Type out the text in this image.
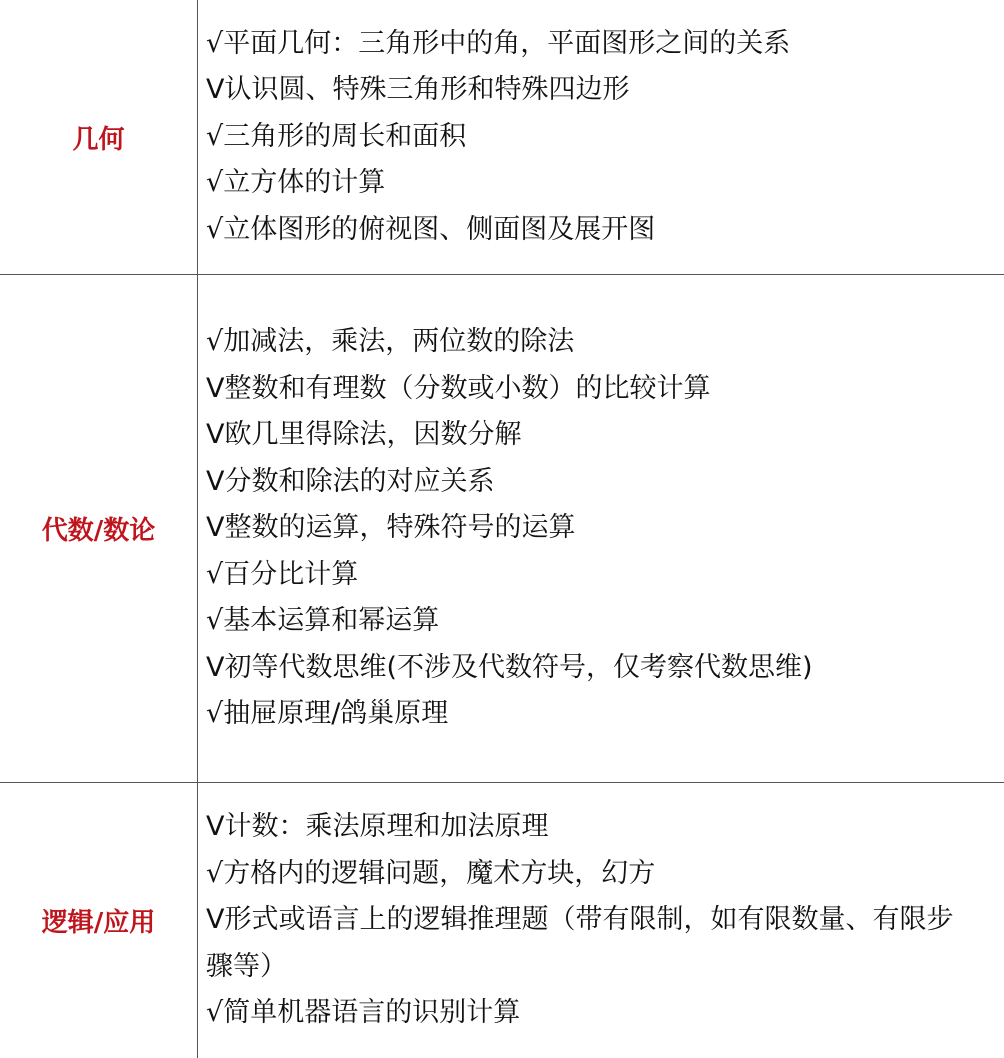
几何
√平面几何：三角形中的角，平面图形之间的关系
V认识圆、特殊三角形和特殊四边形
√三角形的周长和面积
√立方体的计算
√立体图形的俯视图、侧面图及展开图
代数/数论
√加减法，乘法，两位数的除法
V整数和有理数（分数或小数）的比较计算
V欧几里得除法，因数分解
V分数和除法的对应关系
V整数的运算，特殊符号的运算
√百分比计算
√基本运算和幂运算
V初等代数思维(不涉及代数符号，仅考察代数思维)
√抽屉原理/鸽巢原理
逻辑/应用
V计数：乘法原理和加法原理
√方格内的逻辑问题，魔术方块，幻方
V形式或语言上的逻辑推理题（带有限制，如有限数量、有限步骤等）
√简单机器语言的识别计算
